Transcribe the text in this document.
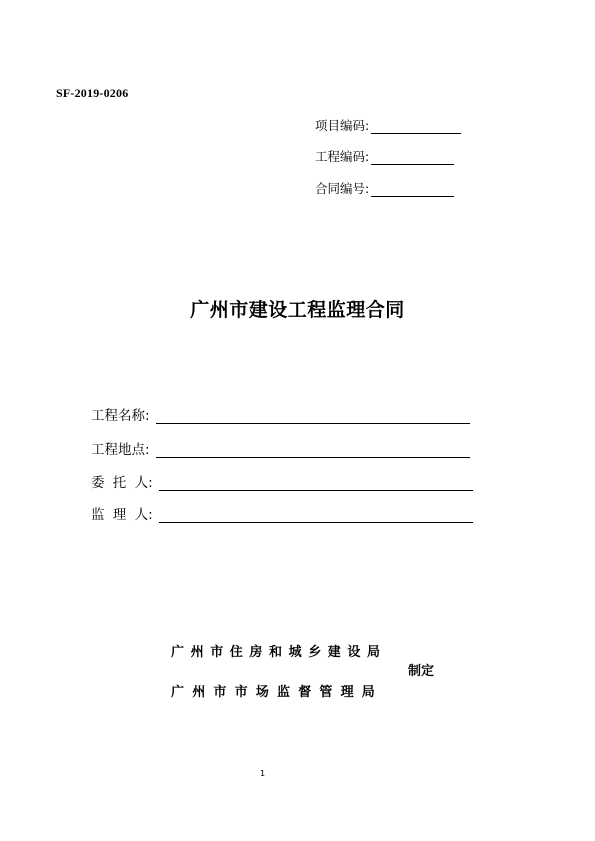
SF-2019-0206
项目编码:
工程编码:
合同编号:
广州市建设工程监理合同
工程名称:
工程地点:
委 托 人:
监 理 人:
广州市住房和城乡建设局
广州市市场监督管理局
制定
1
